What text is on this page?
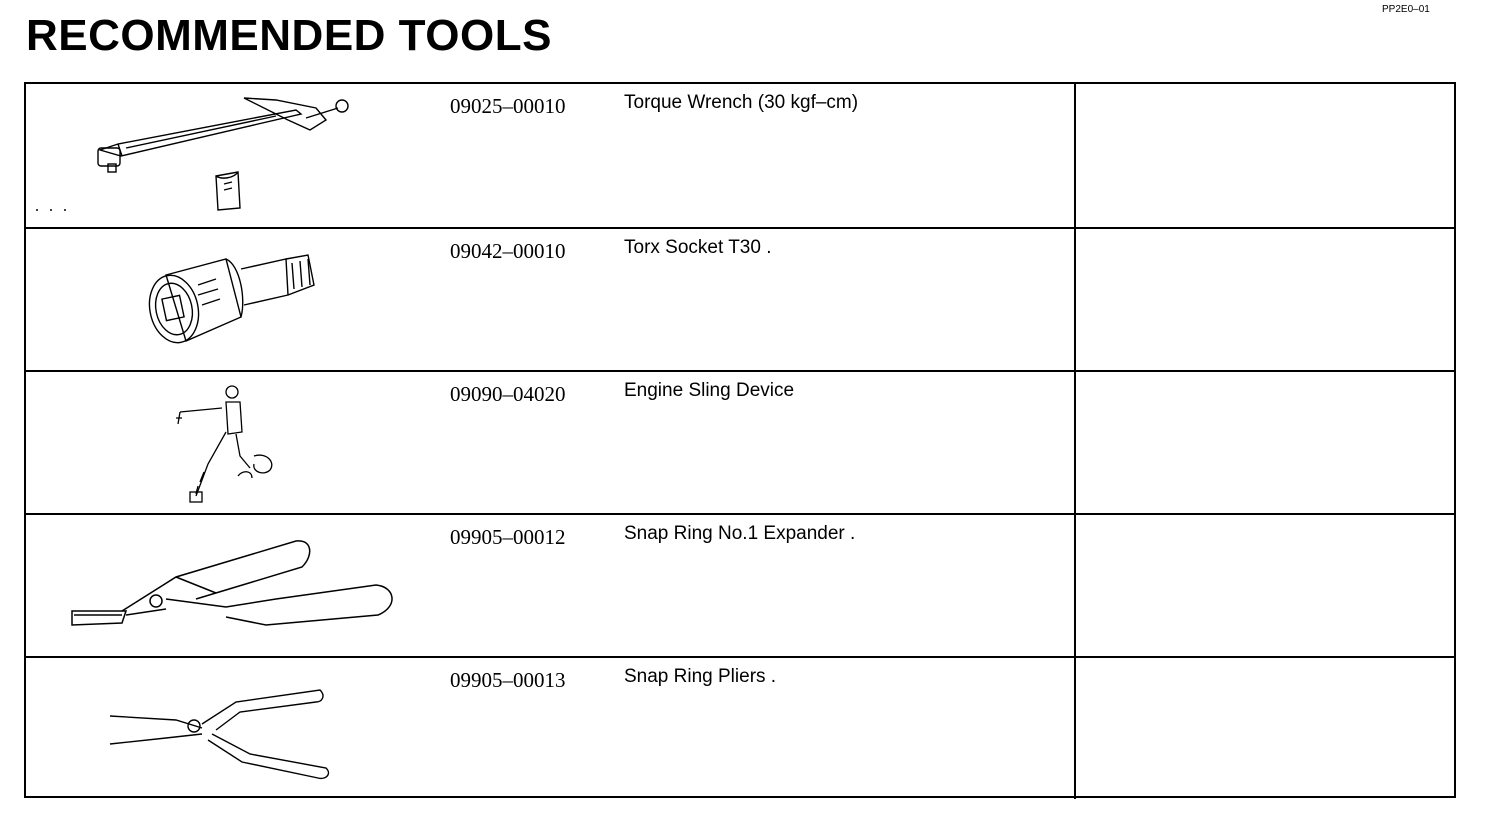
RECOMMENDED TOOLS
PP2E0–01
09025–00010	Torque Wrench (30 kgf–cm)
09042–00010	Torx Socket T30 .
09090–04020	Engine Sling Device
09905–00012	Snap Ring No.1 Expander .
09905–00013	Snap Ring Pliers .
